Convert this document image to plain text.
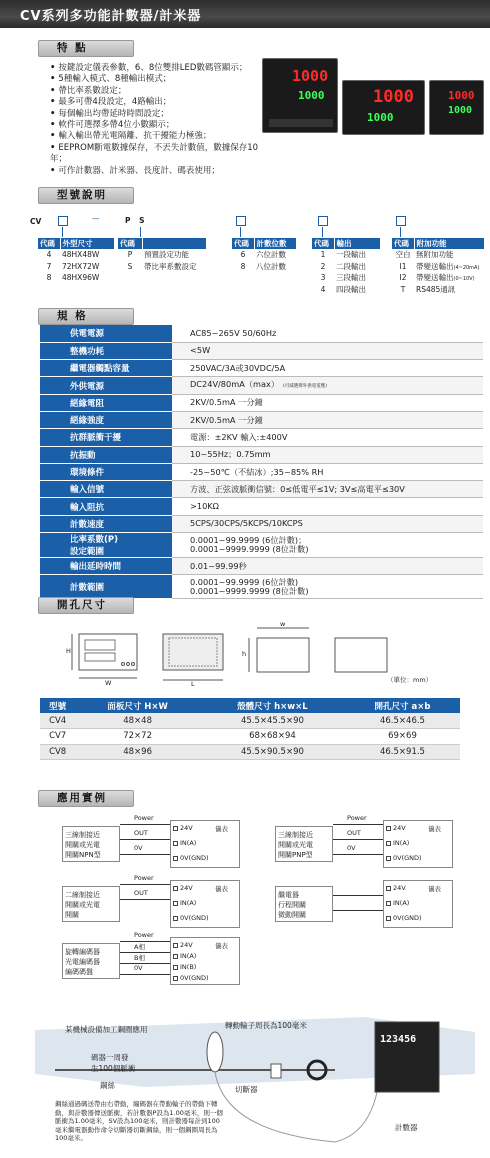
CV系列多功能計數器/計米器
特 點
• 按鍵設定儀表參數，6、8位雙排LED數碼管顯示；
• 5種輸入模式、8種輸出模式；
• 帶比率系數設定；
• 最多可帶4段設定，4路輸出；
• 每個輸出均帶延時時間設定；
• 軟件可選擇多帶4位小數顯示；
• 輸入輸出帶光電隔離、抗干擾能力極強；
• EEPROM斷電數據保存，不丟失計數值，數據保存10年；
• 可作計數器、計米器、長度計、碼表使用；
1000
1000	1000
1000
1000
1000
型號說明
CV	—	P S
代碼	外型尺寸
4	48HX48W
7	72HX72W
8	48HX96W
代碼	
P	預置設定功能
S	帶比率系數設定
代碼	計數位數
6	六位計數
8	八位計數
代碼	輸出
1	一段輸出
2	二段輸出
3	三段輸出
4	四段輸出
代碼	附加功能
空白	無附加功能
I1	帶變送輸出(4~20mA)
I2	帶變送輸出(0~10V)
T	RS485通訊
規 格
供電電源	AC85~265V 50/60Hz
整機功耗	<5W
繼電器觸點容量	250VAC/3A或30VDC/5A
外供電源	DC24V/80mA（max） (可減選擇外供電電壓)
絕緣電阻	2KV/0.5mA 一分鐘
絕緣強度	2KV/0.5mA 一分鐘
抗群脈衝干擾	電源：±2KV 輸入:±400V
抗振動	10~55Hz；0.75mm
環境條件	-25~50℃（不結冰）;35~85% RH
輸入信號	方波、正弦波脈衝信號：0≤低電平≤1V; 3V≤高電平≤30V
輸入阻抗	>10KΩ
計數速度	5CPS/30CPS/5KCPS/10KCPS
比率系數(P)
設定範圍	0.0001~99.9999 (6位計數)；
0.0001~9999.9999 (8位計數)
輸出延時時間	0.01~99.99秒
計數範圍	0.0001~99.9999 (6位計數)
0.0001~9999.9999 (8位計數)
開孔尺寸
H
W	L
w
h
（單位：mm）
型號	面板尺寸 H×W	殼體尺寸 h×w×L	開孔尺寸 a×b
CV4	48×48	45.5×45.5×90	46.5×46.5
CV7	72×72	68×68×94	69×69
CV8	48×96	45.5×90.5×90	46.5×91.5
應用實例
三線制接近
開關或光電
開關NPN型
儀表
24V
IN(A)
0V(GND)
Power
OUT
0V
三線制接近
開關或光電
開關PNP型
儀表
24V
IN(A)
0V(GND)
Power
OUT
0V
二線制接近
開關或光電
開關
儀表
24V
IN(A)
0V(GND)
Power
OUT	繼電器
行程開關
微動開關
儀表
24V
IN(A)
0V(GND)
旋轉編碼器
光電編碼器
編碼碼盤
儀表
24V
IN(A)
IN(B)
0V(GND)
Power
A相
B相
0V
某機械設備加工鋼圈應用	轉動輪子周長為100毫米
碼器一周發
生100個脈衝
鋼絲	切斷器
計數器
123456
鋼絲通過碼送帶由右帶動，編碼器在帶動輪子的帶動下轉動，與計數器傳送脈衝，若計數器P設為1.00毫米，則一個脈衝為1.00毫米，SV設為100毫米，則計數器每計到100毫米繼電器動作命令切斷器切斷鋼絲，則一個鋼圈周長為100毫米。
